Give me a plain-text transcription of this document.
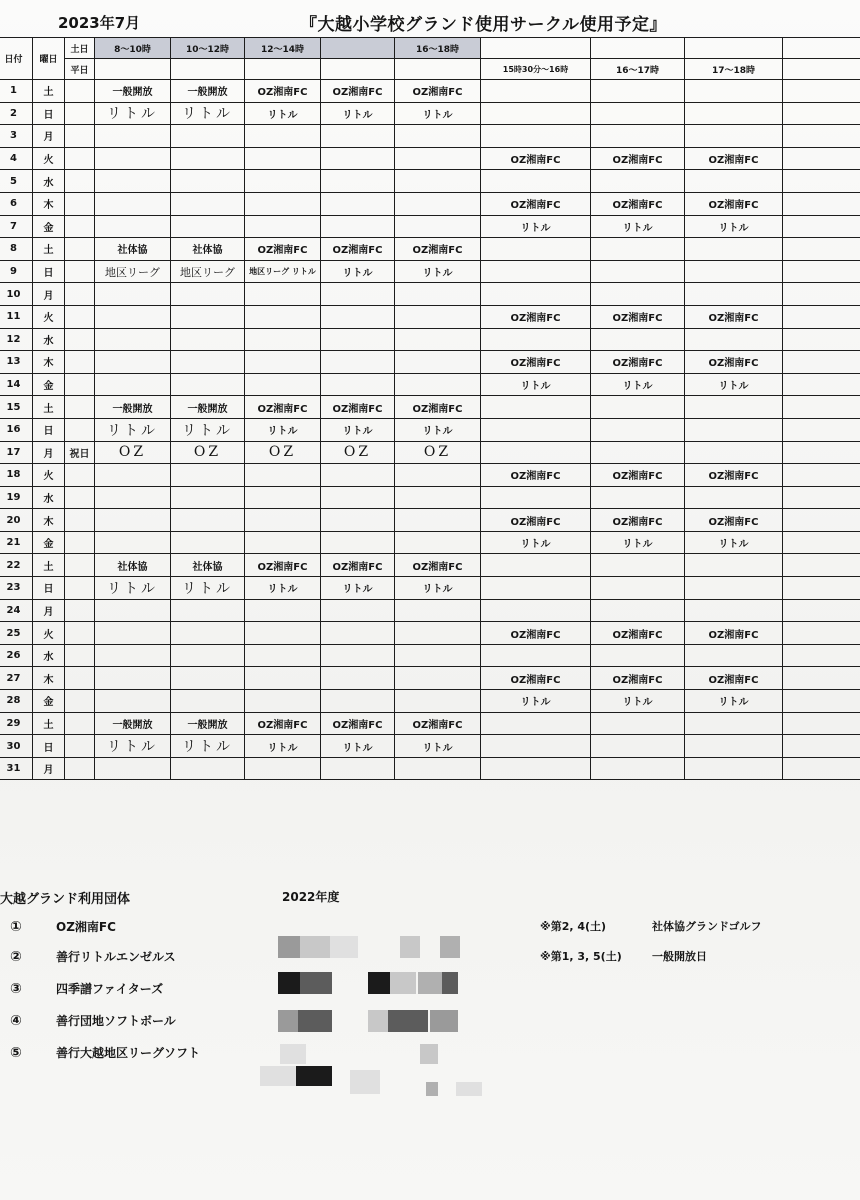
2023年7月	『大越小学校グランド使用サークル使用予定』
日付	曜日	土日	8〜10時	10〜12時	12〜14時		16〜18時				
		平日						15時30分〜16時	16〜17時	17〜18時	
1	土		一般開放	一般開放	OZ湘南FC	OZ湘南FC	OZ湘南FC				
2	日		リトル	リトル	リトル	リトル	リトル				
3	月										
4	火							OZ湘南FC	OZ湘南FC	OZ湘南FC	
5	水										
6	木							OZ湘南FC	OZ湘南FC	OZ湘南FC	
7	金							リトル	リトル	リトル	
8	土		社体協	社体協	OZ湘南FC	OZ湘南FC	OZ湘南FC				
9	日		地区リーグ	地区リーグ	地区リーグ リトル	リトル	リトル				
10	月										
11	火							OZ湘南FC	OZ湘南FC	OZ湘南FC	
12	水										
13	木							OZ湘南FC	OZ湘南FC	OZ湘南FC	
14	金							リトル	リトル	リトル	
15	土		一般開放	一般開放	OZ湘南FC	OZ湘南FC	OZ湘南FC				
16	日		リトル	リトル	リトル	リトル	リトル				
17	月	祝日	OZ	OZ	OZ	OZ	OZ				
18	火							OZ湘南FC	OZ湘南FC	OZ湘南FC	
19	水										
20	木							OZ湘南FC	OZ湘南FC	OZ湘南FC	
21	金							リトル	リトル	リトル	
22	土		社体協	社体協	OZ湘南FC	OZ湘南FC	OZ湘南FC				
23	日		リトル	リトル	リトル	リトル	リトル				
24	月										
25	火							OZ湘南FC	OZ湘南FC	OZ湘南FC	
26	水										
27	木							OZ湘南FC	OZ湘南FC	OZ湘南FC	
28	金							リトル	リトル	リトル	
29	土		一般開放	一般開放	OZ湘南FC	OZ湘南FC	OZ湘南FC				
30	日		リトル	リトル	リトル	リトル	リトル				
31	月										
大越グランド利用団体	2022年度
①	OZ湘南FC
②	善行リトルエンゼルス
③	四季譜ファイターズ
④	善行団地ソフトボール
⑤	善行大越地区リーグソフト
※第2, 4(土)	社体協グランドゴルフ
※第1, 3, 5(土)	一般開放日
